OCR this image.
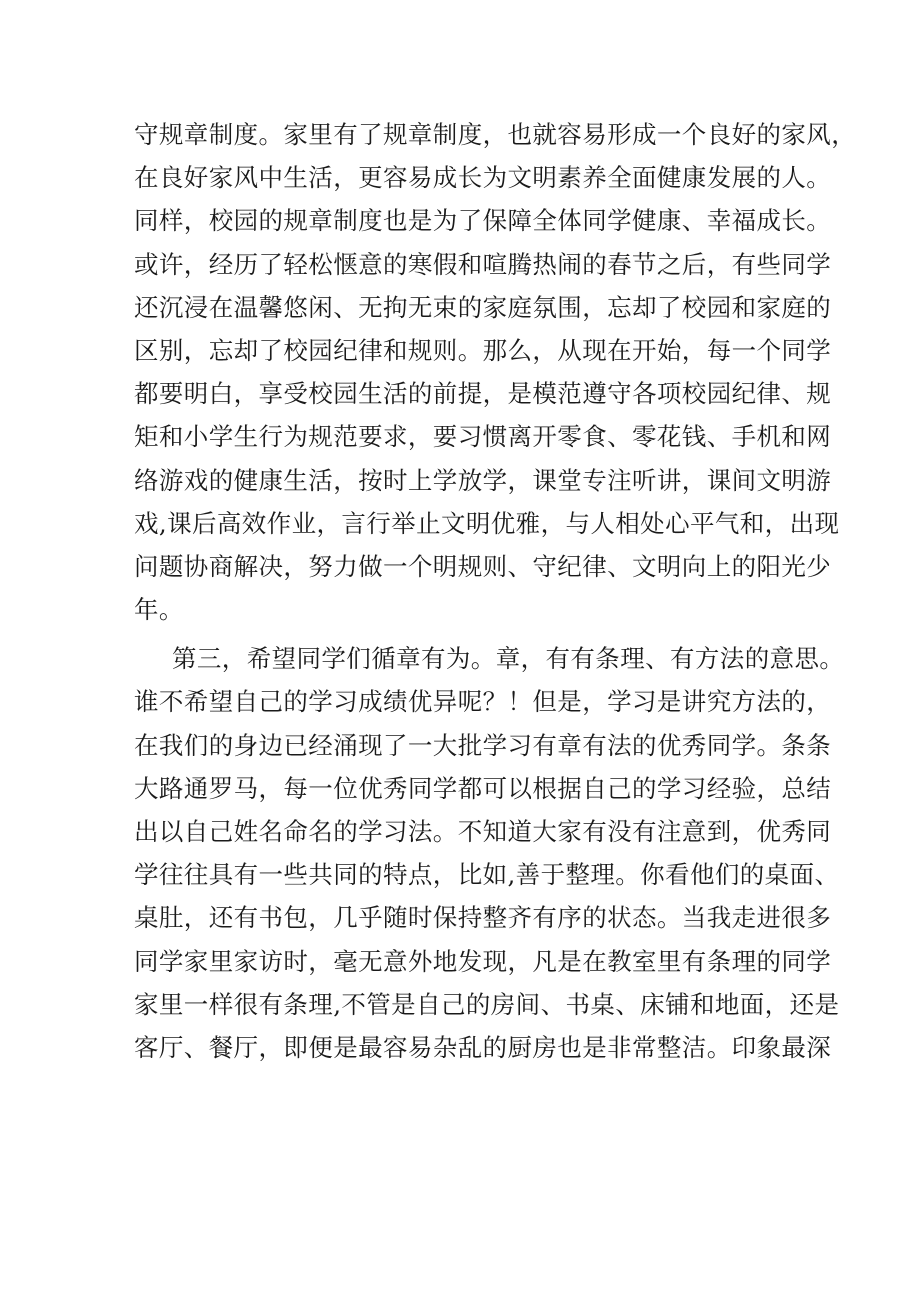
守规章制度。家里有了规章制度，也就容易形成一个良好的家风，
在良好家风中生活，更容易成长为文明素养全面健康发展的人。
同样，校园的规章制度也是为了保障全体同学健康、幸福成长。
或许，经历了轻松惬意的寒假和喧腾热闹的春节之后，有些同学
还沉浸在温馨悠闲、无拘无束的家庭氛围，忘却了校园和家庭的
区别，忘却了校园纪律和规则。那么，从现在开始，每一个同学
都要明白，享受校园生活的前提，是模范遵守各项校园纪律、规
矩和小学生行为规范要求，要习惯离开零食、零花钱、手机和网
络游戏的健康生活，按时上学放学，课堂专注听讲，课间文明游
戏,课后高效作业，言行举止文明优雅，与人相处心平气和，出现
问题协商解决，努力做一个明规则、守纪律、文明向上的阳光少
年。
第三，希望同学们循章有为。章，有有条理、有方法的意思。
谁不希望自己的学习成绩优异呢？！但是，学习是讲究方法的，
在我们的身边已经涌现了一大批学习有章有法的优秀同学。条条
大路通罗马，每一位优秀同学都可以根据自己的学习经验，总结
出以自己姓名命名的学习法。不知道大家有没有注意到，优秀同
学往往具有一些共同的特点，比如,善于整理。你看他们的桌面、
桌肚，还有书包，几乎随时保持整齐有序的状态。当我走进很多
同学家里家访时，毫无意外地发现，凡是在教室里有条理的同学
家里一样很有条理,不管是自己的房间、书桌、床铺和地面，还是
客厅、餐厅，即便是最容易杂乱的厨房也是非常整洁。印象最深
